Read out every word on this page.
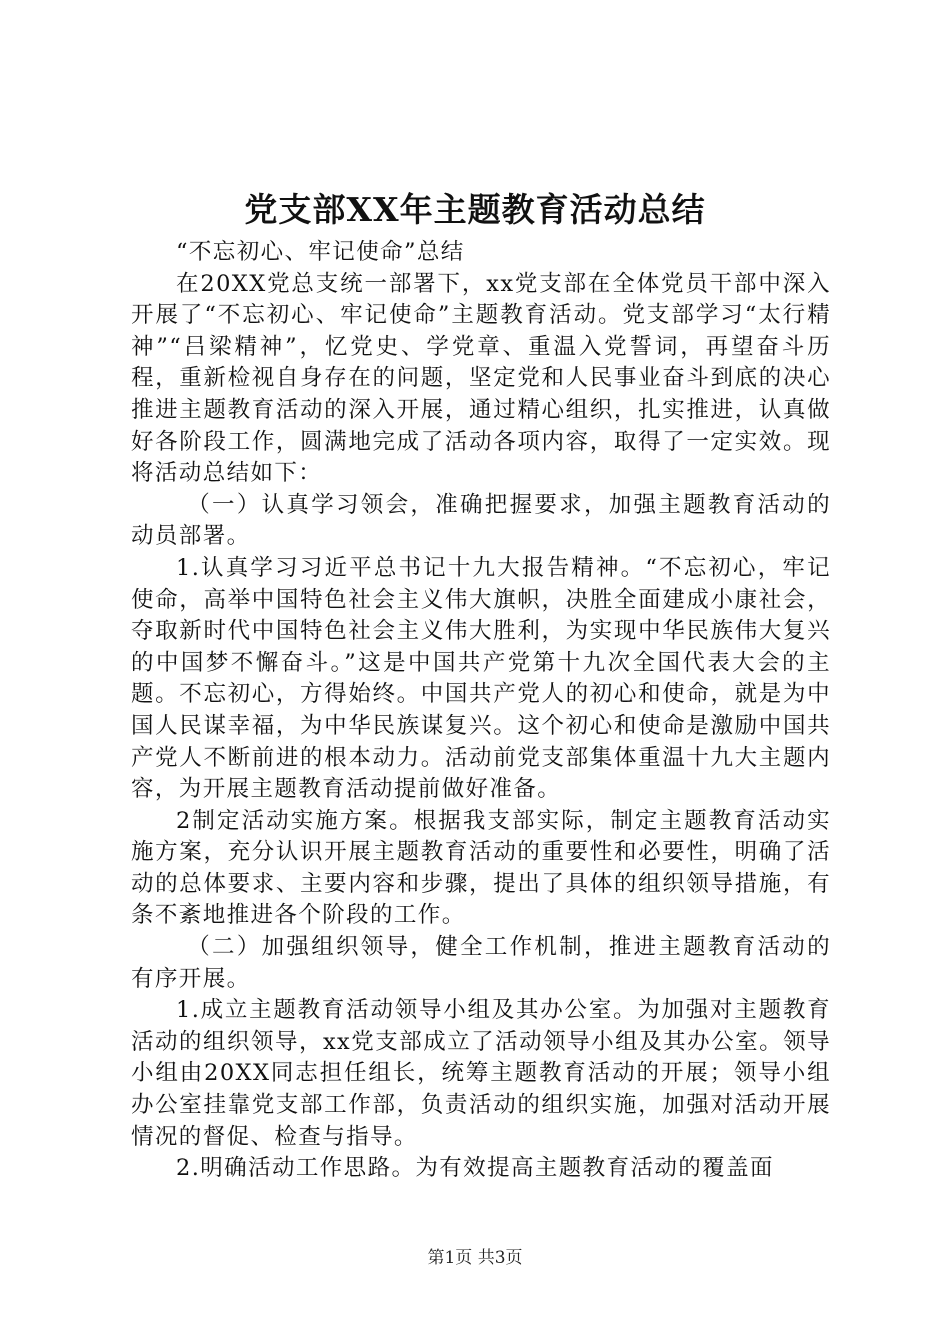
党支部XX年主题教育活动总结

“不忘初心、牢记使命”总结

在20XX党总支统一部署下，xx党支部在全体党员干部中深入开展了“不忘初心、牢记使命”主题教育活动。党支部学习“太行精神”“吕梁精神”，忆党史、学党章、重温入党誓词，再望奋斗历程，重新检视自身存在的问题，坚定党和人民事业奋斗到底的决心推进主题教育活动的深入开展，通过精心组织，扎实推进，认真做好各阶段工作，圆满地完成了活动各项内容，取得了一定实效。现将活动总结如下：

（一）认真学习领会，准确把握要求，加强主题教育活动的动员部署。

1.认真学习习近平总书记十九大报告精神。“不忘初心，牢记使命，高举中国特色社会主义伟大旗帜，决胜全面建成小康社会，夺取新时代中国特色社会主义伟大胜利，为实现中华民族伟大复兴的中国梦不懈奋斗。”这是中国共产党第十九次全国代表大会的主题。不忘初心，方得始终。中国共产党人的初心和使命，就是为中国人民谋幸福，为中华民族谋复兴。这个初心和使命是激励中国共产党人不断前进的根本动力。活动前党支部集体重温十九大主题内容，为开展主题教育活动提前做好准备。

2制定活动实施方案。根据我支部实际，制定主题教育活动实施方案，充分认识开展主题教育活动的重要性和必要性，明确了活动的总体要求、主要内容和步骤，提出了具体的组织领导措施，有条不紊地推进各个阶段的工作。

（二）加强组织领导，健全工作机制，推进主题教育活动的有序开展。

1.成立主题教育活动领导小组及其办公室。为加强对主题教育活动的组织领导，xx党支部成立了活动领导小组及其办公室。领导小组由20XX同志担任组长，统筹主题教育活动的开展；领导小组办公室挂靠党支部工作部，负责活动的组织实施，加强对活动开展情况的督促、检查与指导。

2.明确活动工作思路。为有效提高主题教育活动的覆盖面

第1页 共3页
